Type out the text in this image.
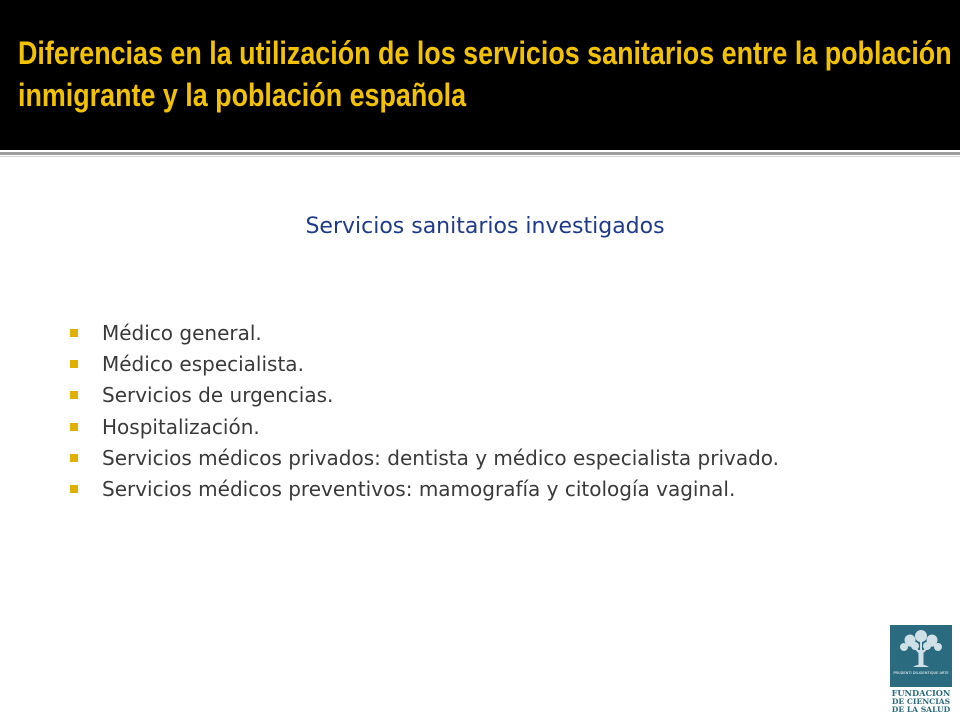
Diferencias en la utilización de los servicios sanitarios entre la población
inmigrante y la población española
Servicios sanitarios investigados
Médico general.
Médico especialista.
Servicios de urgencias.
Hospitalización.
Servicios médicos privados: dentista y médico especialista privado.
Servicios médicos preventivos: mamografía y citología vaginal.
PRUDENTI DILIGENTIQUE ARTE
FUNDACION
DE CIENCIAS
DE LA SALUD
